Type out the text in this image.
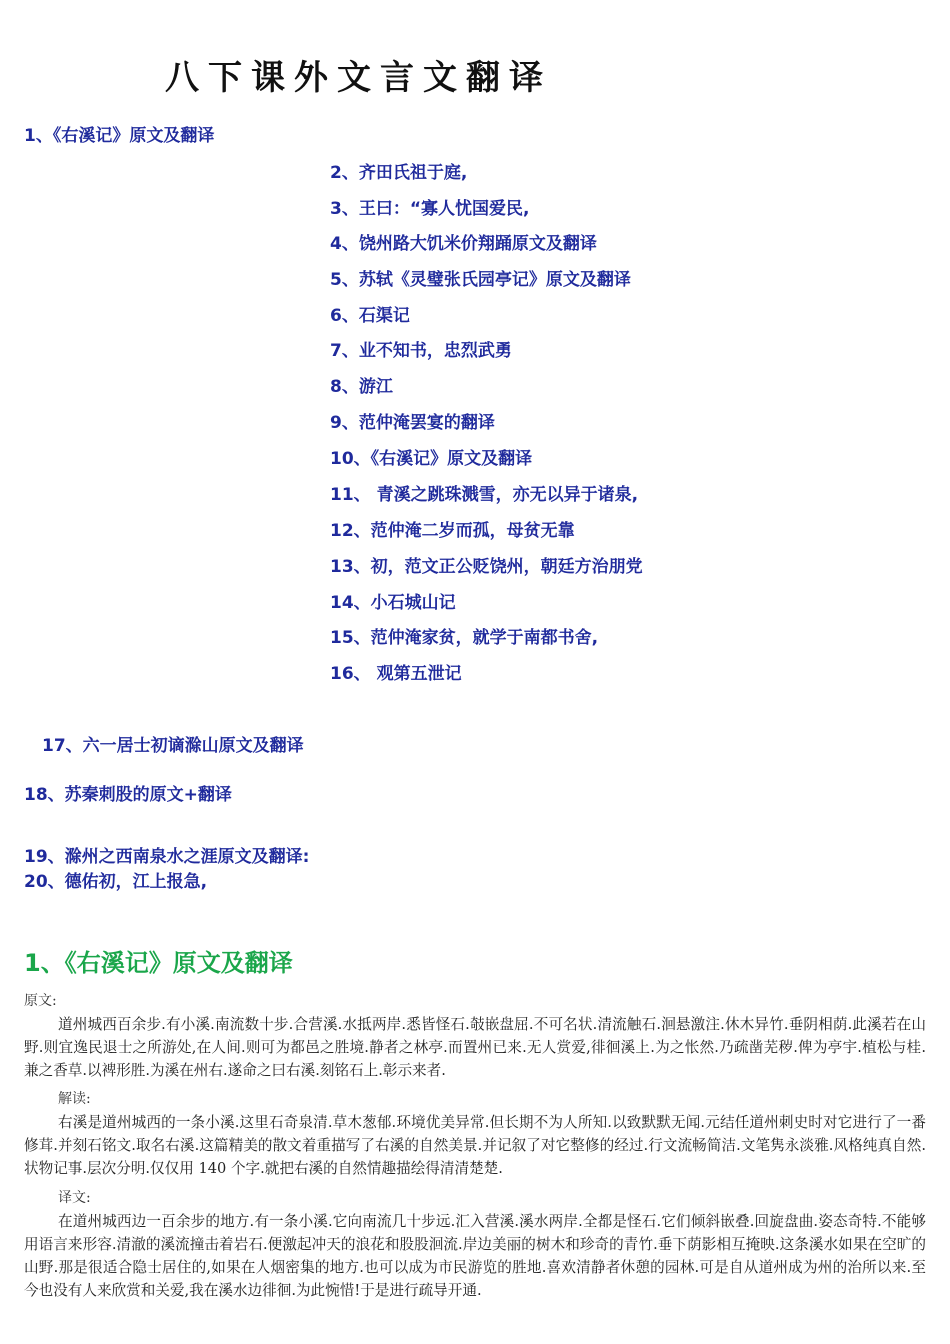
八下课外文言文翻译
1、《右溪记》原文及翻译
2、齐田氏祖于庭,
3、王曰：“寡人忧国爱民,
4、饶州路大饥米价翔踊原文及翻译
5、苏轼《灵璧张氏园亭记》原文及翻译
6、石渠记
7、业不知书，忠烈武勇
8、游江
9、范仲淹罢宴的翻译
10、《右溪记》原文及翻译
11、 青溪之跳珠溅雪，亦无以异于诸泉,
12、范仲淹二岁而孤，母贫无靠
13、初，范文正公贬饶州，朝廷方治朋党
14、小石城山记
15、范仲淹家贫，就学于南都书舍,
16、 观第五泄记
17、六一居士初谪滁山原文及翻译
18、苏秦刺股的原文+翻译
19、滁州之西南泉水之涯原文及翻译:
20、德佑初，江上报急,
1、《右溪记》原文及翻译
原文:

道州城西百余步.有小溪.南流数十步.合营溪.水抵两岸.悉皆怪石.攲嵌盘屈.不可名状.清流触石.洄悬激注.休木异竹.垂阴相荫.此溪若在山野.则宜逸民退士之所游处,在人间.则可为都邑之胜境.静者之林亭.而置州已来.无人赏爱,徘徊溪上.为之怅然.乃疏凿芜秽.俾为亭宇.植松与桂.兼之香草.以裨形胜.为溪在州右.遂命之曰右溪.刻铭石上.彰示来者.

解读:

右溪是道州城西的一条小溪.这里石奇泉清.草木葱郁.环境优美异常.但长期不为人所知.以致默默无闻.元结任道州刺史时对它进行了一番修茸.并刻石铭文.取名右溪.这篇精美的散文着重描写了右溪的自然美景.并记叙了对它整修的经过.行文流畅简洁.文笔隽永淡雅.风格纯真自然.状物记事.层次分明.仅仅用 140 个字.就把右溪的自然情趣描绘得清清楚楚.

译文:

在道州城西边一百余步的地方.有一条小溪.它向南流几十步远.汇入营溪.溪水两岸.全都是怪石.它们倾斜嵌叠.回旋盘曲.姿态奇特.不能够用语言来形容.清澈的溪流撞击着岩石.便激起冲天的浪花和股股洄流.岸边美丽的树木和珍奇的青竹.垂下荫影相互掩映.这条溪水如果在空旷的山野.那是很适合隐士居住的,如果在人烟密集的地方.也可以成为市民游览的胜地.喜欢清静者休憩的园林.可是自从道州成为州的治所以来.至今也没有人来欣赏和关爱,我在溪水边徘徊.为此惋惜!于是进行疏导开通.
